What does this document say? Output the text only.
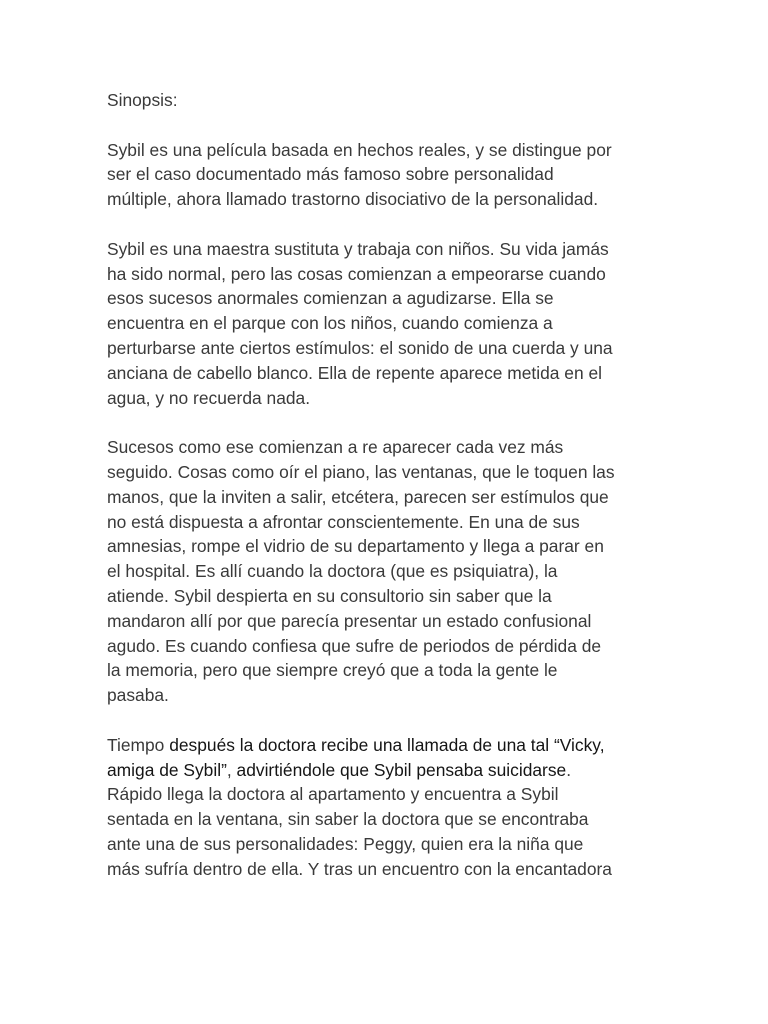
Sinopsis:

Sybil es una película basada en hechos reales, y se distingue por
ser el caso documentado más famoso sobre personalidad
múltiple, ahora llamado trastorno disociativo de la personalidad.

Sybil es una maestra sustituta y trabaja con niños. Su vida jamás
ha sido normal, pero las cosas comienzan a empeorarse cuando
esos sucesos anormales comienzan a agudizarse. Ella se
encuentra en el parque con los niños, cuando comienza a
perturbarse ante ciertos estímulos: el sonido de una cuerda y una
anciana de cabello blanco. Ella de repente aparece metida en el
agua, y no recuerda nada.

Sucesos como ese comienzan a re aparecer cada vez más
seguido. Cosas como oír el piano, las ventanas, que le toquen las
manos, que la inviten a salir, etcétera, parecen ser estímulos que
no está dispuesta a afrontar conscientemente. En una de sus
amnesias, rompe el vidrio de su departamento y llega a parar en
el hospital. Es allí cuando la doctora (que es psiquiatra), la
atiende. Sybil despierta en su consultorio sin saber que la
mandaron allí por que parecía presentar un estado confusional
agudo. Es cuando confiesa que sufre de periodos de pérdida de
la memoria, pero que siempre creyó que a toda la gente le
pasaba.

Tiempo después la doctora recibe una llamada de una tal “Vicky,
amiga de Sybil”, advirtiéndole que Sybil pensaba suicidarse.
Rápido llega la doctora al apartamento y encuentra a Sybil
sentada en la ventana, sin saber la doctora que se encontraba
ante una de sus personalidades: Peggy, quien era la niña que
más sufría dentro de ella. Y tras un encuentro con la encantadora
